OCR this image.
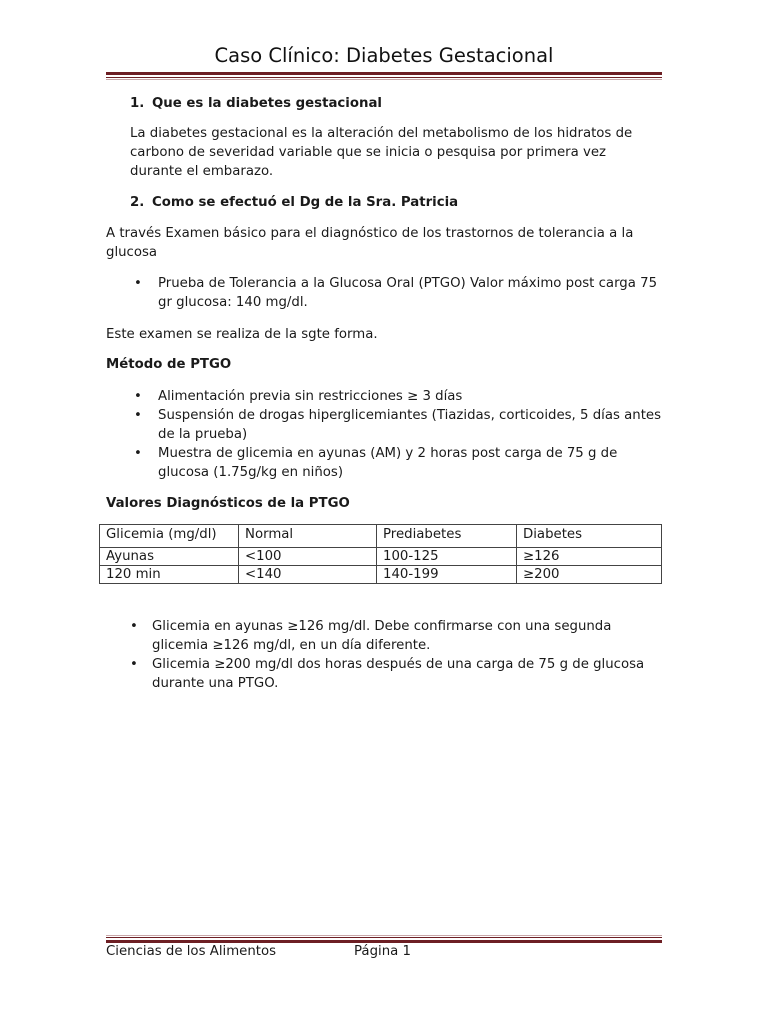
Caso Clínico: Diabetes Gestacional
1. Que es la diabetes gestacional

La diabetes gestacional es la alteración del metabolismo de los hidratos de carbono de severidad variable que se inicia o pesquisa por primera vez durante el embarazo.

2. Como se efectuó el Dg de la Sra. Patricia

A través Examen básico para el diagnóstico de los trastornos de tolerancia a la glucosa

• Prueba de Tolerancia a la Glucosa Oral (PTGO) Valor máximo post carga 75 gr glucosa: 140 mg/dl.

Este examen se realiza de la sgte forma.

Método de PTGO

• Alimentación previa sin restricciones ≥ 3 días
• Suspensión de drogas hiperglicemiantes (Tiazidas, corticoides, 5 días antes de la prueba)
• Muestra de glicemia en ayunas (AM) y 2 horas post carga de 75 g de glucosa (1.75g/kg en niños)

Valores Diagnósticos de la PTGO

Glicemia (mg/dl)	Normal	Prediabetes	Diabetes
Ayunas	<100	100-125	≥126
120 min	<140	140-199	≥200
• Glicemia en ayunas ≥126 mg/dl. Debe confirmarse con una segunda glicemia ≥126 mg/dl, en un día diferente.
• Glicemia ≥200 mg/dl dos horas después de una carga de 75 g de glucosa durante una PTGO.
Ciencias de los Alimentos	Página 1
